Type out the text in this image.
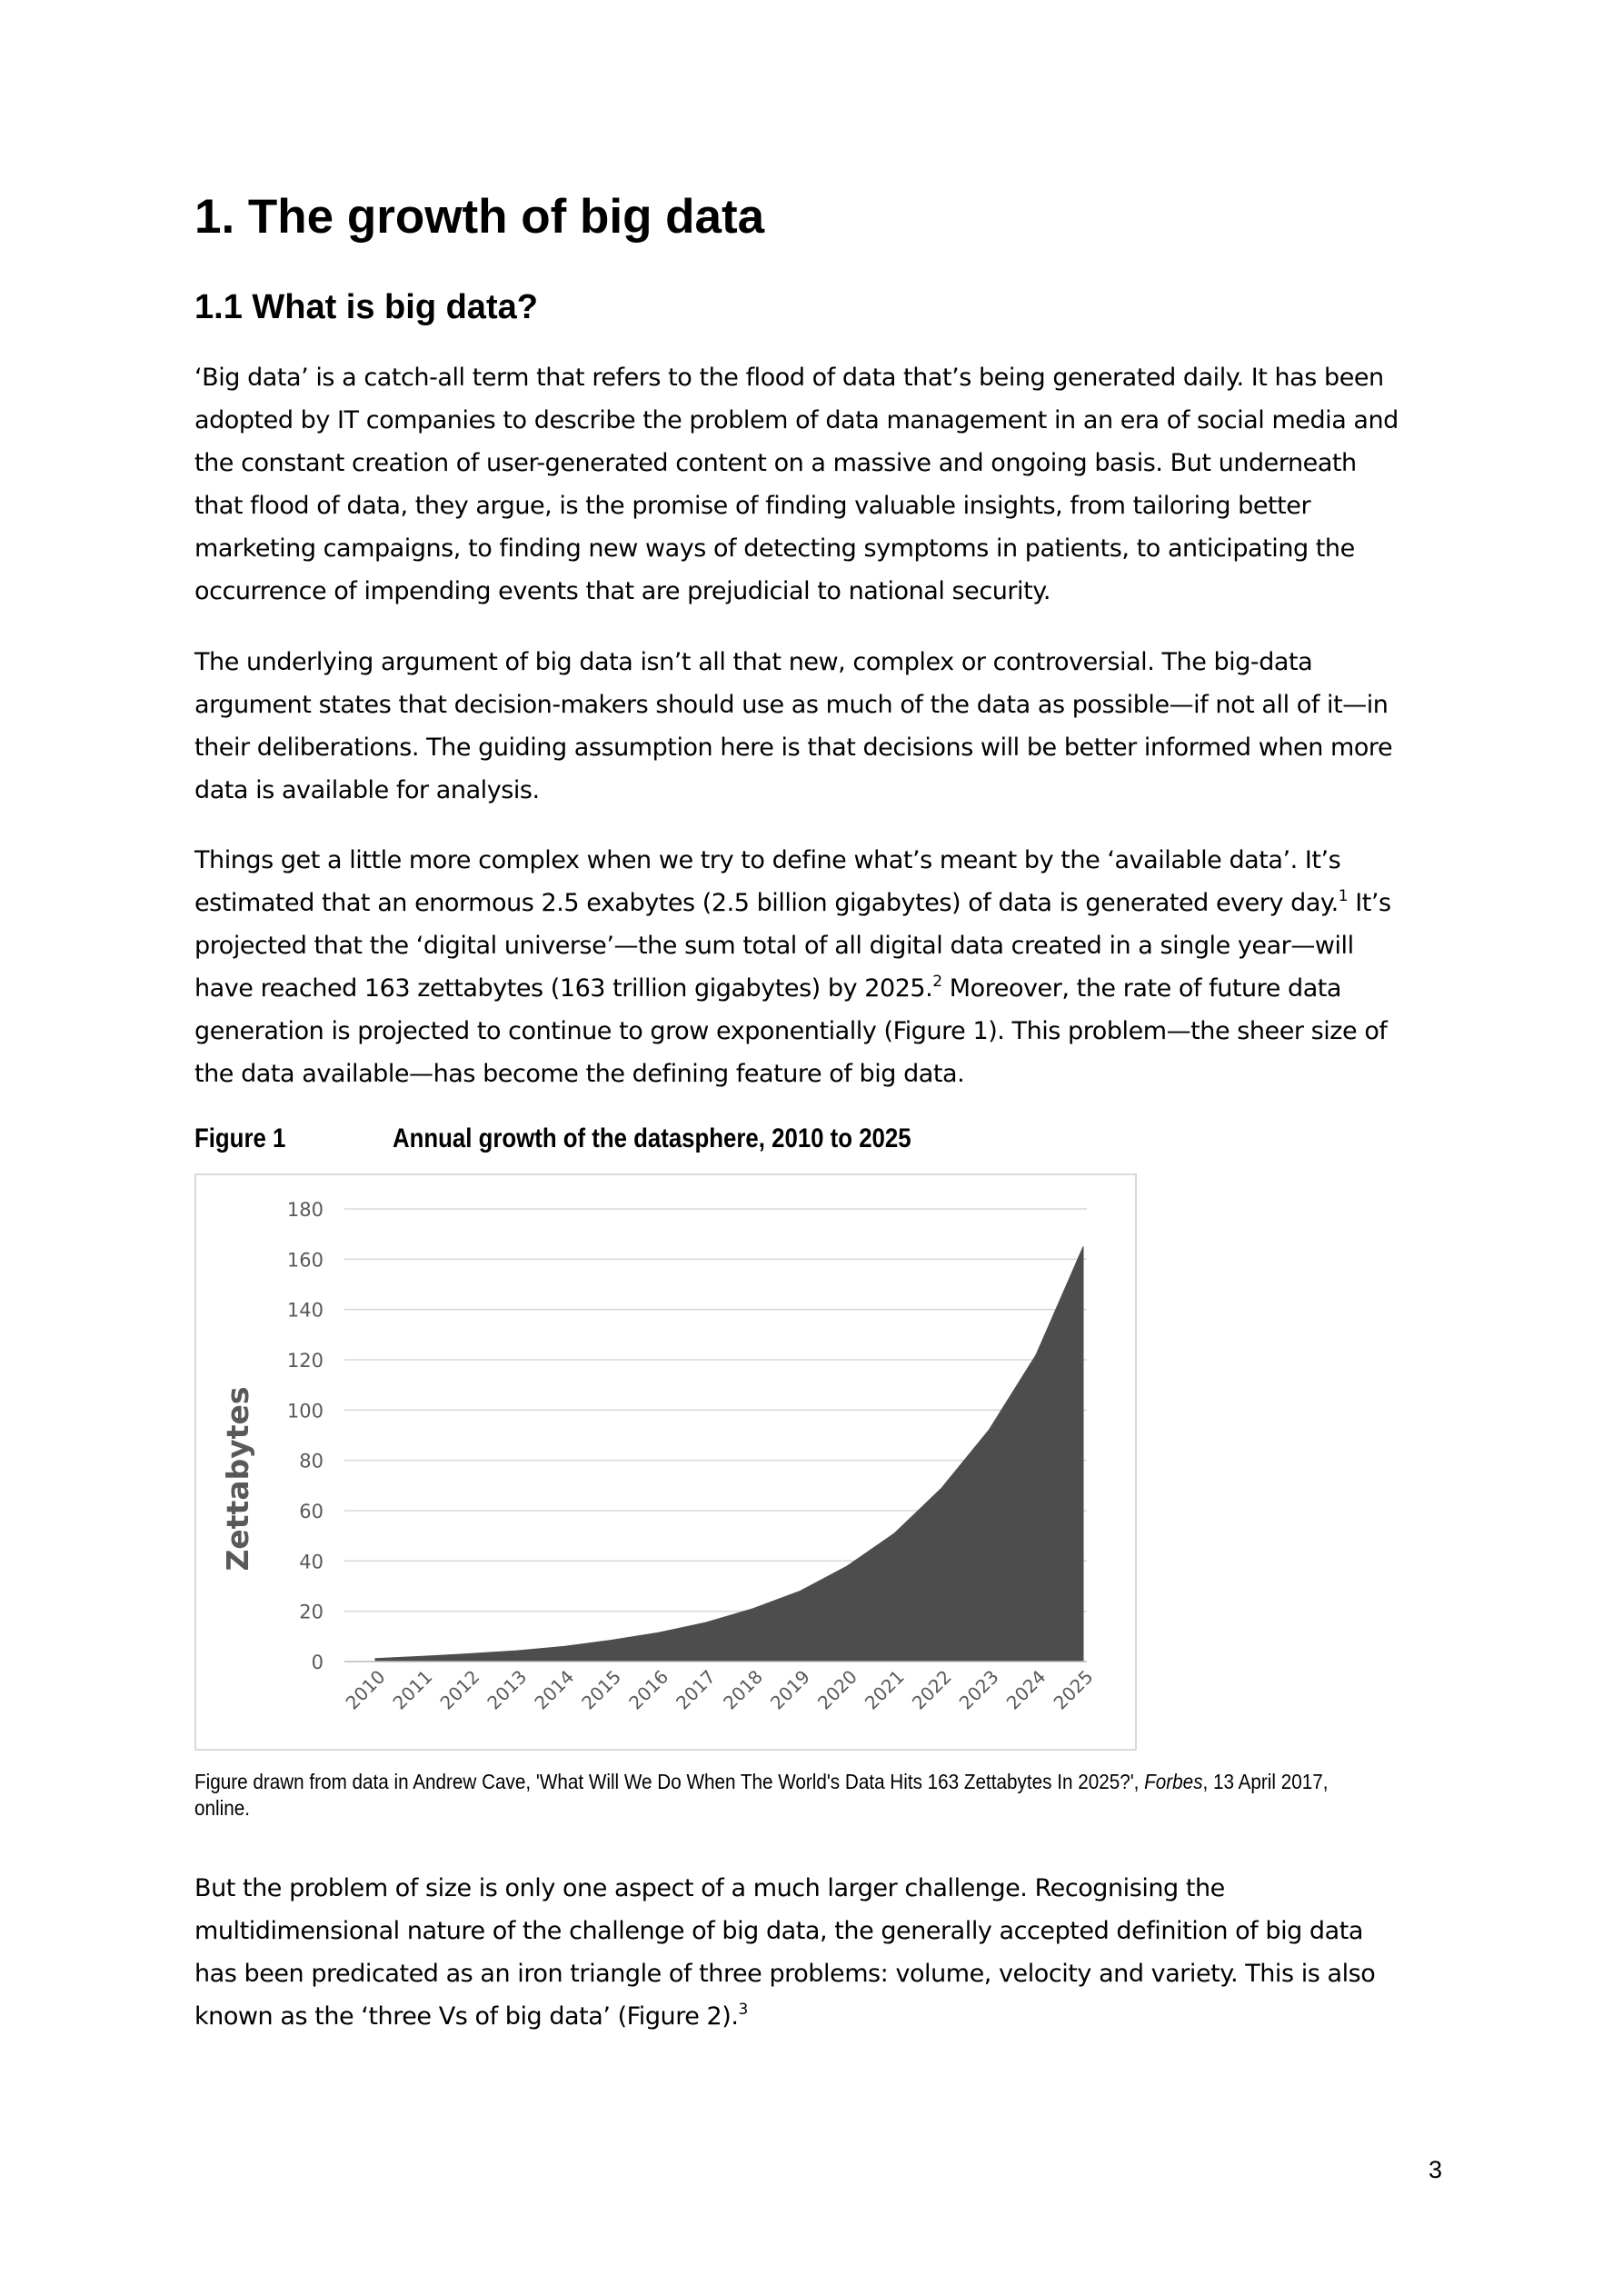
1. The growth of big data
1.1 What is big data?
‘Big data’ is a catch-all term that refers to the flood of data that’s being generated daily. It has been
adopted by IT companies to describe the problem of data management in an era of social media and
the constant creation of user-generated content on a massive and ongoing basis. But underneath
that flood of data, they argue, is the promise of finding valuable insights, from tailoring better
marketing campaigns, to finding new ways of detecting symptoms in patients, to anticipating the
occurrence of impending events that are prejudicial to national security.
The underlying argument of big data isn’t all that new, complex or controversial. The big-data
argument states that decision-makers should use as much of the data as possible—if not all of it—in
their deliberations. The guiding assumption here is that decisions will be better informed when more
data is available for analysis.
Things get a little more complex when we try to define what’s meant by the ‘available data’. It’s
estimated that an enormous 2.5 exabytes (2.5 billion gigabytes) of data is generated every day.$^1$ It’s
projected that the ‘digital universe’—the sum total of all digital data created in a single year—will
have reached 163 zettabytes (163 trillion gigabytes) by 2025.$^2$ Moreover, the rate of future data
generation is projected to continue to grow exponentially (Figure 1). This problem—the sheer size of
the data available—has become the defining feature of big data.
Figure 1	Annual growth of the datasphere, 2010 to 2025
0
20
40
60
80
100
120
140
160
180
2010
2011
2012
2013
2014
2015
2016
2017
2018
2019
2020
2021
2022
2023
2024
2025
Zettabytes
Figure drawn from data in Andrew Cave, 'What Will We Do When The World's Data Hits 163 Zettabytes In 2025?', Forbes, 13 April 2017,
online.
But the problem of size is only one aspect of a much larger challenge. Recognising the
multidimensional nature of the challenge of big data, the generally accepted definition of big data
has been predicated as an iron triangle of three problems: volume, velocity and variety. This is also
known as the ‘three Vs of big data’ (Figure 2).$^3$
3
